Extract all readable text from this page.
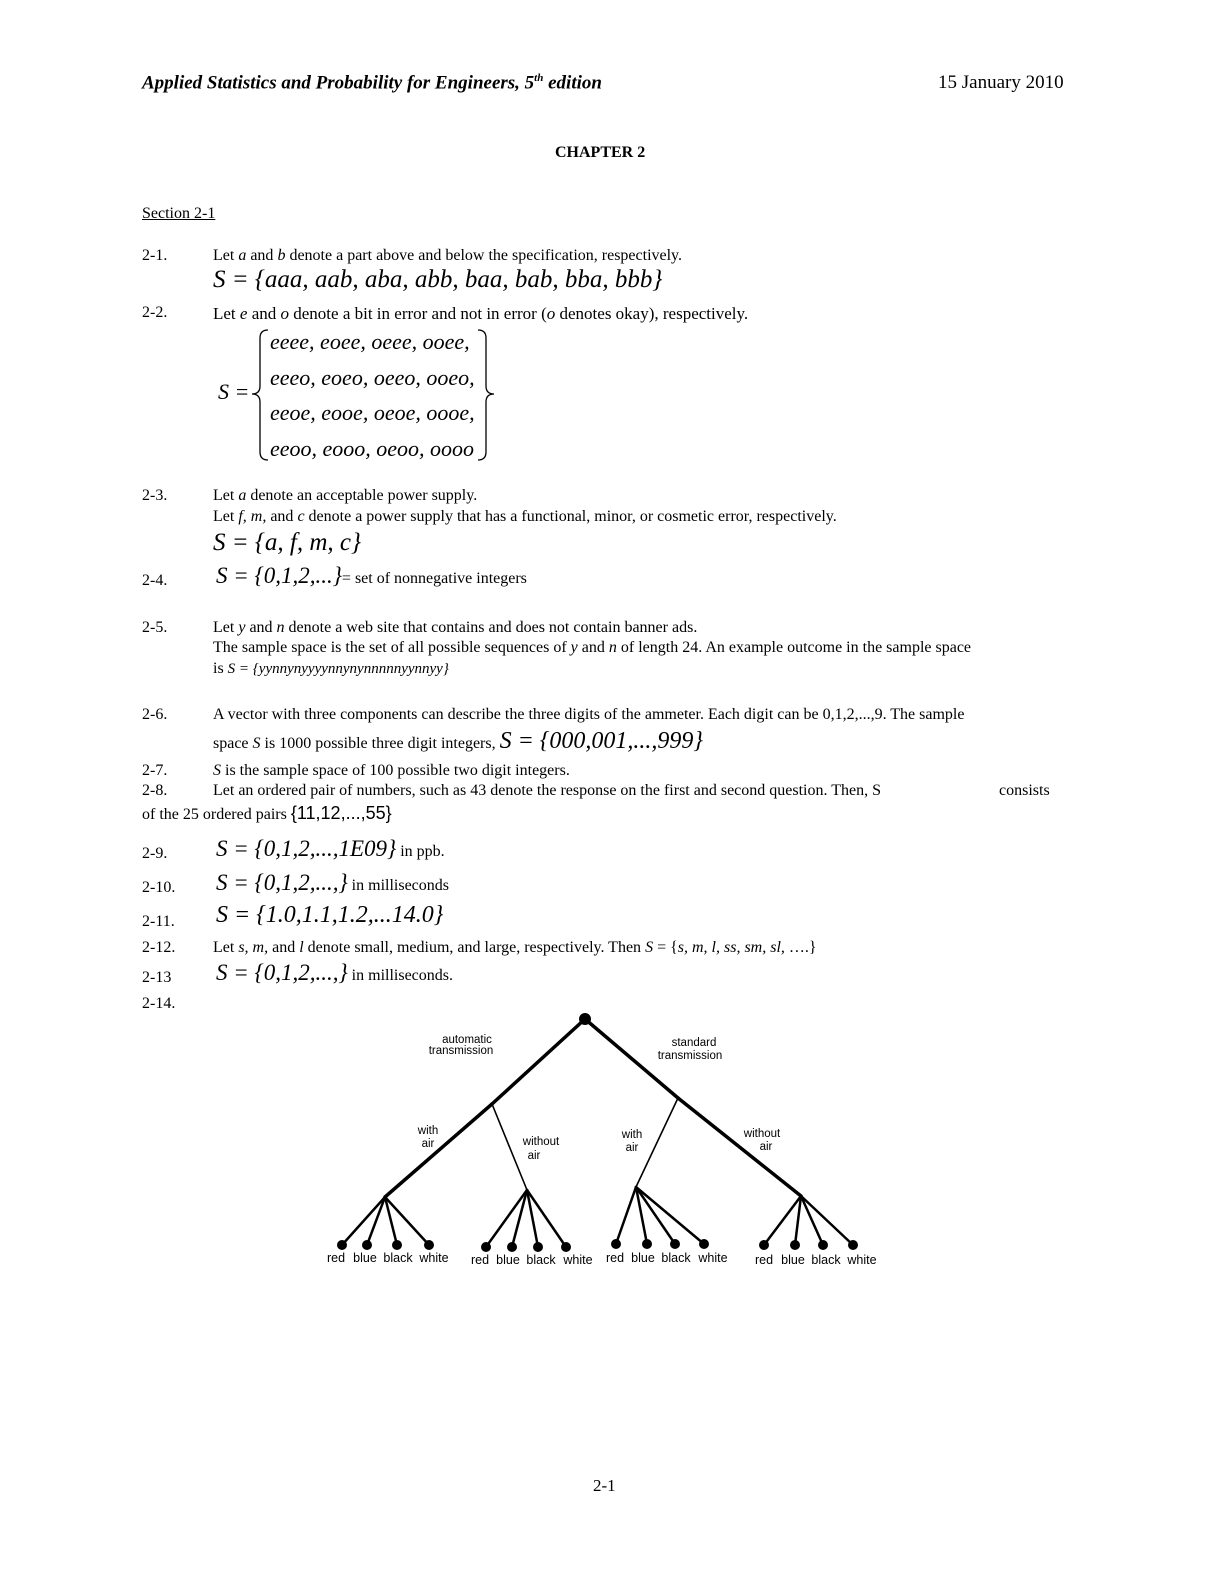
Applied Statistics and Probability for Engineers, 5th edition	15 January 2010
CHAPTER 2
Section 2-1
2-1.	Let a and b denote a part above and below the specification, respectively.
S = {aaa, aab, aba, abb, baa, bab, bba, bbb}
2-2.	Let e and o denote a bit in error and not in error (o denotes okay), respectively.
S =
eeee, eoee, oeee, ooee,
eeeo, eoeo, oeeo, ooeo,
eeoe, eooe, oeoe, oooe,
eeoo, eooo, oeoo, oooo
2-3.	Let a denote an acceptable power supply.
Let f, m, and c denote a power supply that has a functional, minor, or cosmetic error, respectively.
S = {a, f, m, c}
2-4. S = {0,1,2,...}= set of nonnegative integers
2-5.	Let y and n denote a web site that contains and does not contain banner ads.
The sample space is the set of all possible sequences of y and n of length 24. An example outcome in the sample space
is S = {yynnynyyyynnynynnnnnyynnyy}
2-6.	A vector with three components can describe the three digits of the ammeter. Each digit can be 0,1,2,...,9. The sample
space S is 1000 possible three digit integers, S = {000,001,...,999}
2-7.	S is the sample space of 100 possible two digit integers.
2-8.	Let an ordered pair of numbers, such as 43 denote the response on the first and second question. Then, S	consists
of the 25 ordered pairs {11,12,...,55}
2-9. S = {0,1,2,...,1E09} in ppb.
2-10. S = {0,1,2,...,} in milliseconds
2-11. S = {1.0,1.1,1.2,...14.0}
2-12. Let s, m, and l denote small, medium, and large, respectively. Then S = {s, m, l, ss, sm, sl, ….}
2-13 S = {0,1,2,...,} in milliseconds.
2-14.
automatic
transmission
standard
transmission
with
air	without
air
with
air
without
air
red blue black white red blue black white red blue black white red blue black white
2-1
